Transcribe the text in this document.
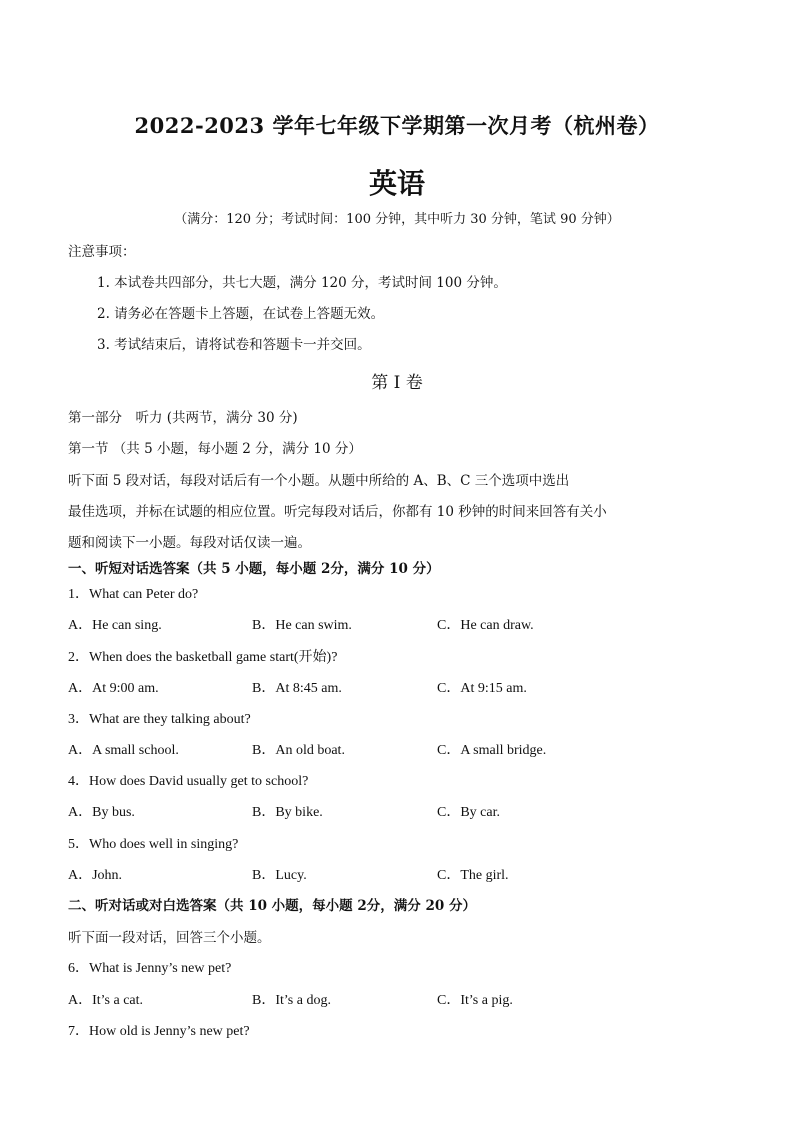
2022-2023 学年七年级下学期第一次月考（杭州卷）
英语
（满分：120 分；考试时间：100 分钟，其中听力 30 分钟，笔试 90 分钟）
注意事项：
1. 本试卷共四部分，共七大题，满分 120 分，考试时间 100 分钟。
2. 请务必在答题卡上答题，在试卷上答题无效。
3. 考试结束后，请将试卷和答题卡一并交回。
第 I 卷
第一部分　听力 (共两节，满分 30 分)
第一节 （共 5 小题，每小题 2 分，满分 10 分）
听下面 5 段对话，每段对话后有一个小题。从题中所给的 A、B、C 三个选项中选出
最佳选项，并标在试题的相应位置。听完每段对话后，你都有 10 秒钟的时间来回答有关小
题和阅读下一小题。每段对话仅读一遍。
一、听短对话选答案（共 5 小题，每小题 2分，满分 10 分）
1．What can Peter do?
A．He can sing.	B．He can swim.	C．He can draw.
2．When does the basketball game start(开始)?
A．At 9:00 am.	B．At 8:45 am.	C．At 9:15 am.
3．What are they talking about?
A．A small school.	B．An old boat.	C．A small bridge.
4．How does David usually get to school?
A．By bus.	B．By bike.	C．By car.
5．Who does well in singing?
A．John.	B．Lucy.	C．The girl.
二、听对话或对白选答案（共 10 小题，每小题 2分，满分 20 分）
听下面一段对话，回答三个小题。
6．What is Jenny’s new pet?
A．It’s a cat.	B．It’s a dog.	C．It’s a pig.
7．How old is Jenny’s new pet?
